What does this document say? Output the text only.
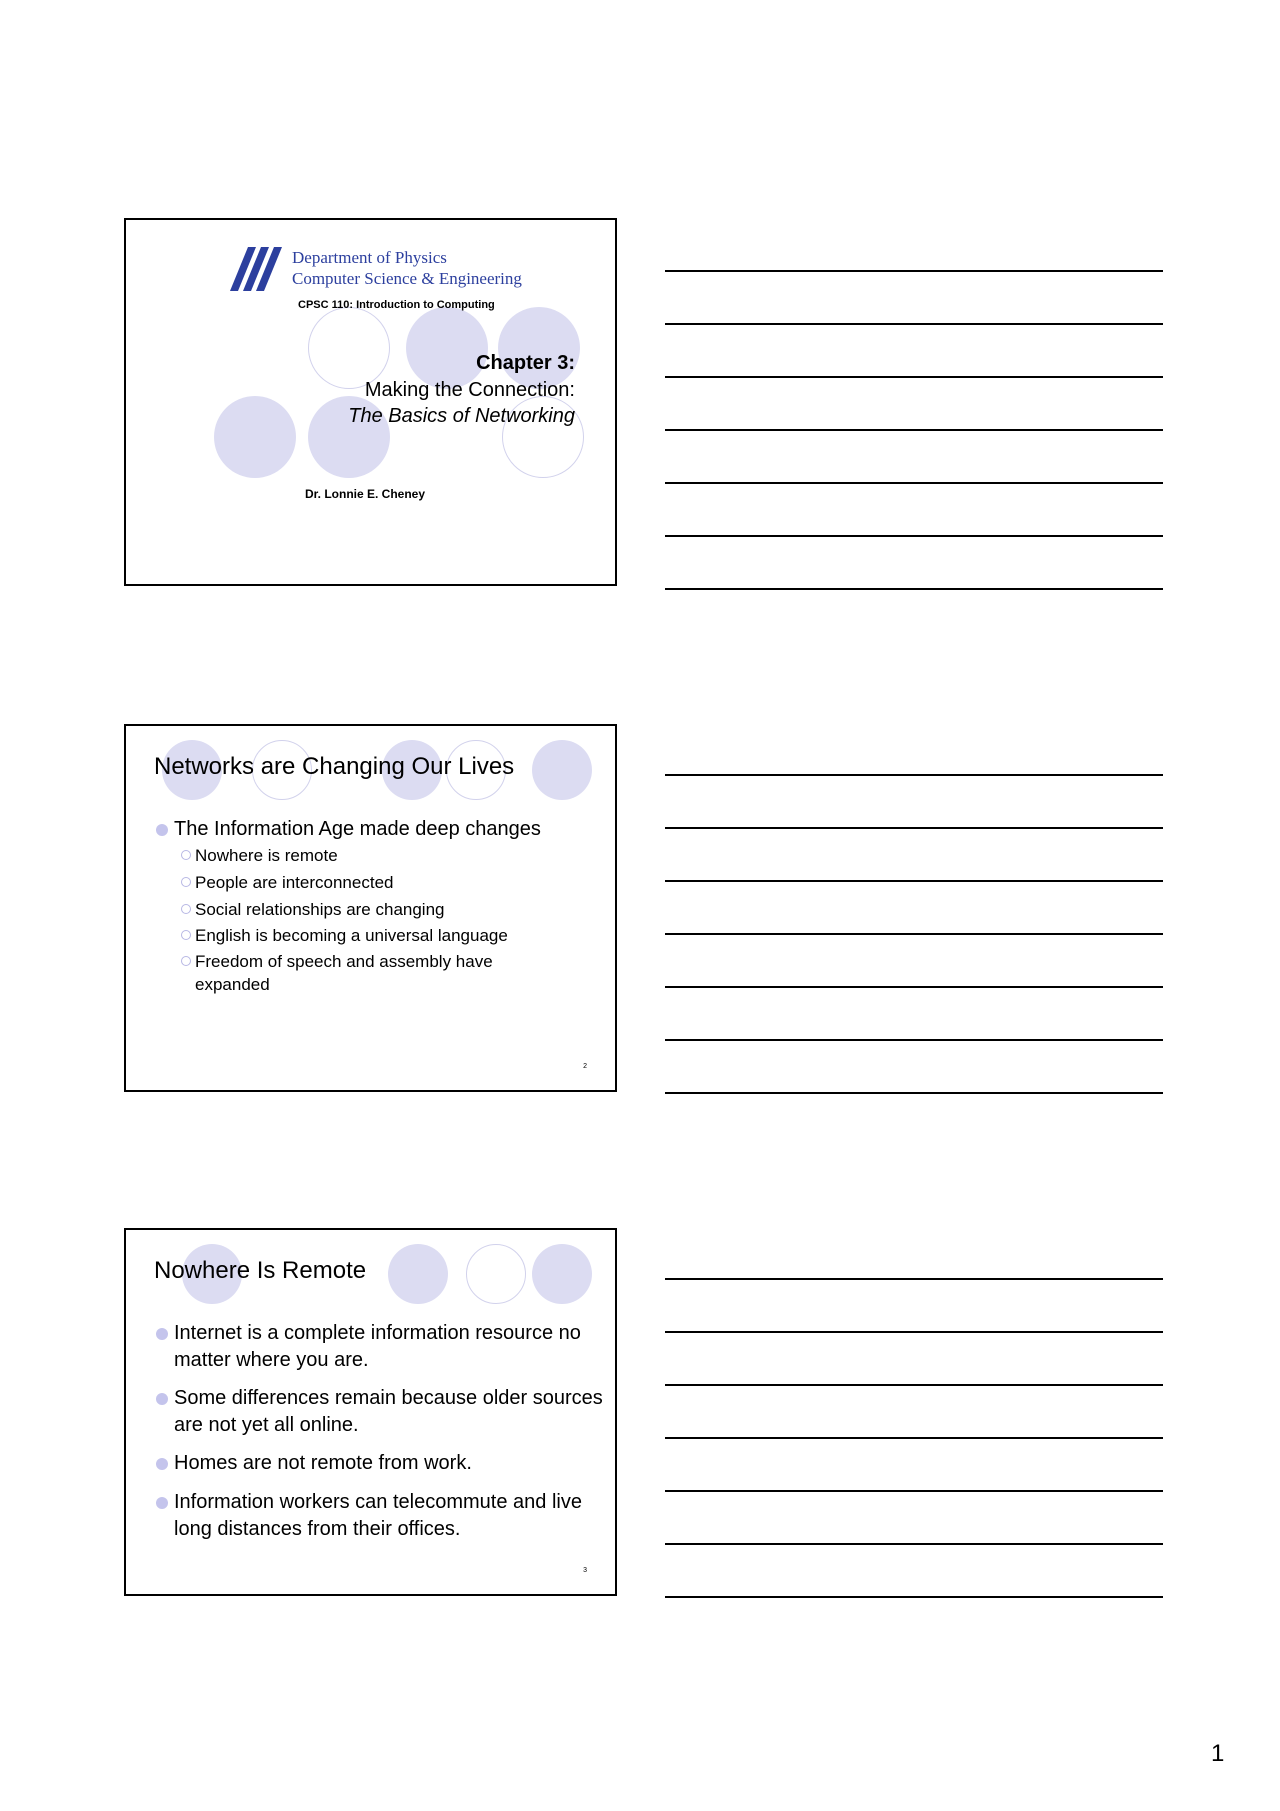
Department of Physics
Computer Science & Engineering
CPSC 110: Introduction to Computing
Chapter 3:
Making the Connection:
The Basics of Networking
Dr. Lonnie E. Cheney
Networks are Changing Our Lives
The Information Age made deep changes
Nowhere is remote
People are interconnected
Social relationships are changing
English is becoming a universal language
Freedom of speech and assembly have expanded
2
Nowhere Is Remote
Internet is a complete information resource no matter where you are.
Some differences remain because older sources are not yet all online.
Homes are not remote from work.
Information workers can telecommute and live long distances from their offices.
3
1
